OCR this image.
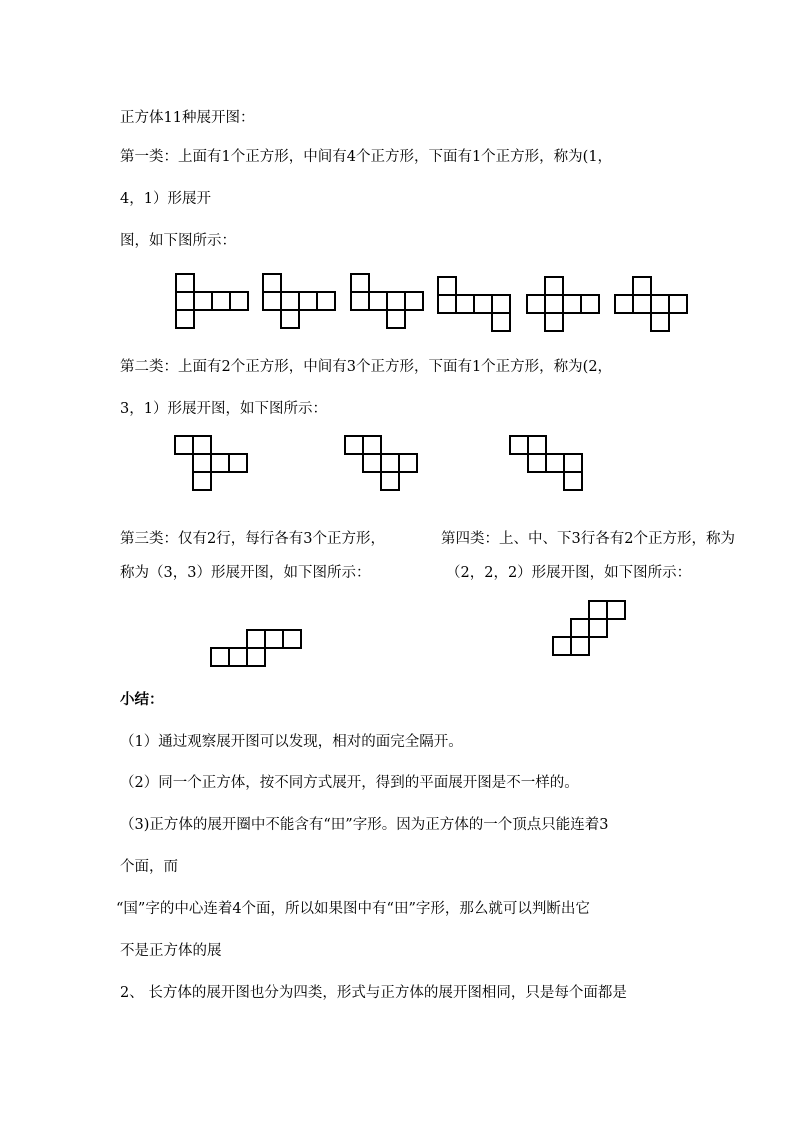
正方体11种展开图：
第一类：上面有1个正方形，中间有4个正方形，下面有1个正方形，称为(1，
4，1）形展开
图，如下图所示：
第二类：上面有2个正方形，中间有3个正方形，下面有1个正方形，称为(2，
3，1）形展开图，如下图所示：
第三类：仅有2行，每行各有3个正方形，
称为（3，3）形展开图，如下图所示：
第四类：上、中、下3行各有2个正方形，称为
（2，2，2）形展开图，如下图所示：
小结：
（1）通过观察展开图可以发现，相对的面完全隔开。
（2）同一个正方体，按不同方式展开，得到的平面展开图是不一样的。
（3)正方体的展开圈中不能含有“田”字形。因为正方体的一个顶点只能连着3
个面，而
“国”字的中心连着4个面，所以如果图中有“田”字形，那么就可以判断出它
不是正方体的展
2、 长方体的展开图也分为四类，形式与正方体的展开图相同，只是每个面都是
